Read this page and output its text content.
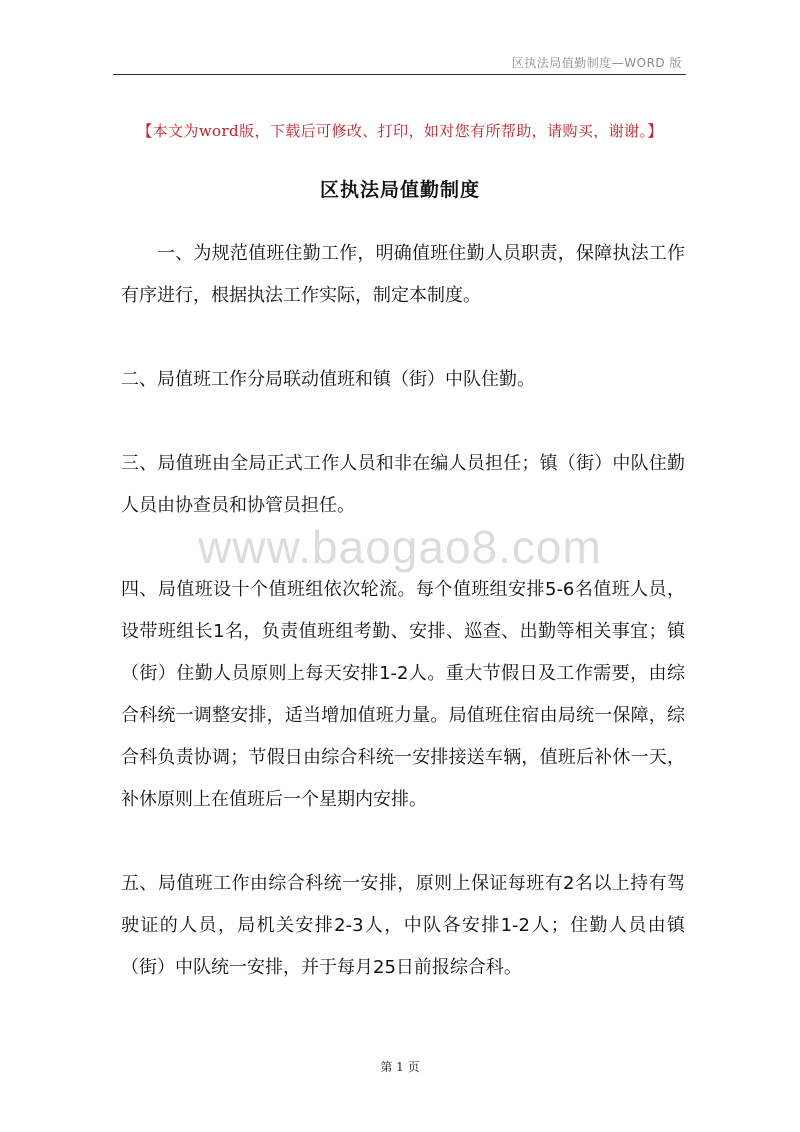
区执法局值勤制度—WORD 版
【本文为word版，下载后可修改、打印，如对您有所帮助，请购买，谢谢。】
区执法局值勤制度

一、为规范值班住勤工作，明确值班住勤人员职责，保障执法工作有序进行，根据执法工作实际，制定本制度。

二、局值班工作分局联动值班和镇（街）中队住勤。

三、局值班由全局正式工作人员和非在编人员担任；镇（街）中队住勤人员由协查员和协管员担任。

四、局值班设十个值班组依次轮流。每个值班组安排5-6名值班人员，设带班组长1名，负责值班组考勤、安排、巡查、出勤等相关事宜；镇（街）住勤人员原则上每天安排1-2人。重大节假日及工作需要，由综合科统一调整安排，适当增加值班力量。局值班住宿由局统一保障，综合科负责协调；节假日由综合科统一安排接送车辆，值班后补休一天，补休原则上在值班后一个星期内安排。

五、局值班工作由综合科统一安排，原则上保证每班有2名以上持有驾驶证的人员，局机关安排2-3人，中队各安排1-2人；住勤人员由镇（街）中队统一安排，并于每月25日前报综合科。

www.baogao8.com
第 1 页
